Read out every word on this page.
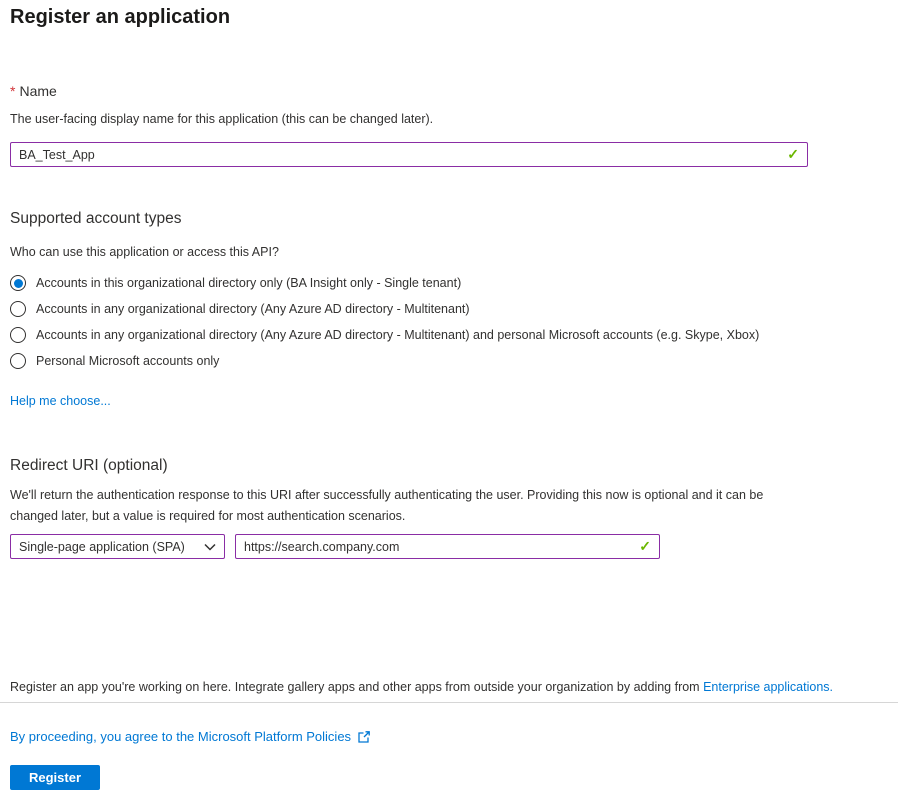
Register an application
* Name
The user-facing display name for this application (this can be changed later).
BA_Test_App	✓
Supported account types
Who can use this application or access this API?
Accounts in this organizational directory only (BA Insight only - Single tenant)
Accounts in any organizational directory (Any Azure AD directory - Multitenant)
Accounts in any organizational directory (Any Azure AD directory - Multitenant) and personal Microsoft accounts (e.g. Skype, Xbox)
Personal Microsoft accounts only
Help me choose...
Redirect URI (optional)
We'll return the authentication response to this URI after successfully authenticating the user. Providing this now is optional and it can be changed later, but a value is required for most authentication scenarios.
Single-page application (SPA)	https://search.company.com	✓
Register an app you're working on here. Integrate gallery apps and other apps from outside your organization by adding from Enterprise applications.
By proceeding, you agree to the Microsoft Platform Policies
Register
